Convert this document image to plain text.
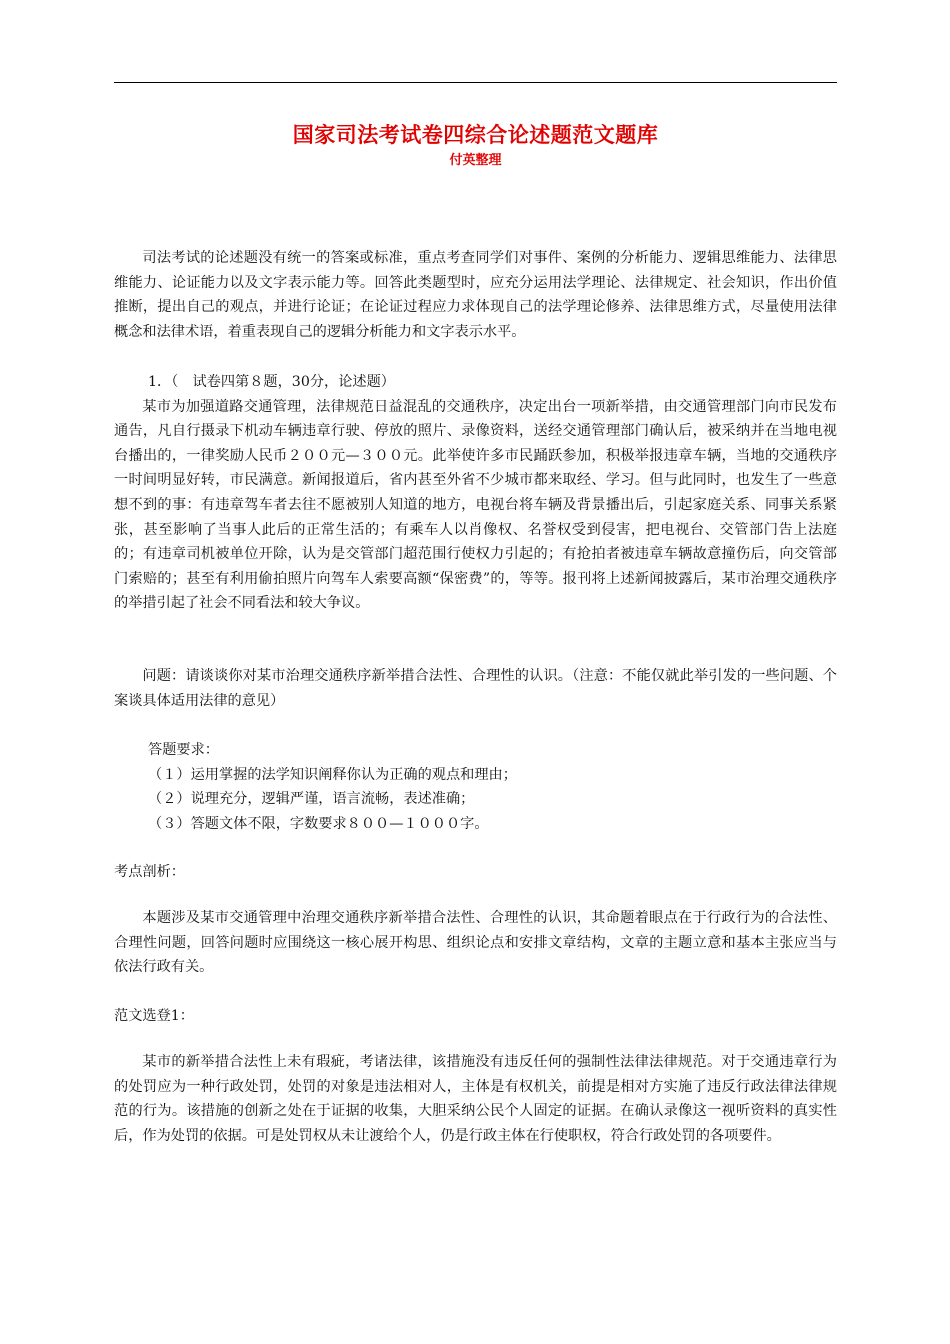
国家司法考试卷四综合论述题范文题库
付英整理
司法考试的论述题没有统一的答案或标准，重点考查同学们对事件、案例的分析能力、逻辑思维能力、法律思维能力、论证能力以及文字表示能力等。回答此类题型时，应充分运用法学理论、法律规定、社会知识，作出价值推断，提出自己的观点，并进行论证；在论证过程应力求体现自己的法学理论修养、法律思维方式，尽量使用法律概念和法律术语，着重表现自己的逻辑分析能力和文字表示水平。
1．（　试卷四第８题，30分，论述题）
某市为加强道路交通管理，法律规范日益混乱的交通秩序，决定出台一项新举措，由交通管理部门向市民发布通告，凡自行摄录下机动车辆违章行驶、停放的照片、录像资料，送经交通管理部门确认后，被采纳并在当地电视台播出的，一律奖励人民币２００元—３００元。此举使许多市民踊跃参加，积极举报违章车辆，当地的交通秩序一时间明显好转，市民满意。新闻报道后，省内甚至外省不少城市都来取经、学习。但与此同时，也发生了一些意想不到的事：有违章驾车者去往不愿被别人知道的地方，电视台将车辆及背景播出后，引起家庭关系、同事关系紧张，甚至影响了当事人此后的正常生活的；有乘车人以肖像权、名誉权受到侵害，把电视台、交管部门告上法庭的；有违章司机被单位开除，认为是交管部门超范围行使权力引起的；有抢拍者被违章车辆故意撞伤后，向交管部门索赔的；甚至有利用偷拍照片向驾车人索要高额“保密费”的，等等。报刊将上述新闻披露后，某市治理交通秩序的举措引起了社会不同看法和较大争议。
问题：请谈谈你对某市治理交通秩序新举措合法性、合理性的认识。（注意：不能仅就此举引发的一些问题、个案谈具体适用法律的意见）
答题要求：
（１）运用掌握的法学知识阐释你认为正确的观点和理由；
（２）说理充分，逻辑严谨，语言流畅，表述准确；
（３）答题文体不限，字数要求８００—１０００字。
考点剖析：
本题涉及某市交通管理中治理交通秩序新举措合法性、合理性的认识，其命题着眼点在于行政行为的合法性、合理性问题，回答问题时应围绕这一核心展开构思、组织论点和安排文章结构，文章的主题立意和基本主张应当与依法行政有关。
范文选登1：
某市的新举措合法性上未有瑕疵，考诸法律，该措施没有违反任何的强制性法律法律规范。对于交通违章行为的处罚应为一种行政处罚，处罚的对象是违法相对人，主体是有权机关，前提是相对方实施了违反行政法律法律规范的行为。该措施的创新之处在于证据的收集，大胆采纳公民个人固定的证据。在确认录像这一视听资料的真实性后，作为处罚的依据。可是处罚权从未让渡给个人，仍是行政主体在行使职权，符合行政处罚的各项要件。
